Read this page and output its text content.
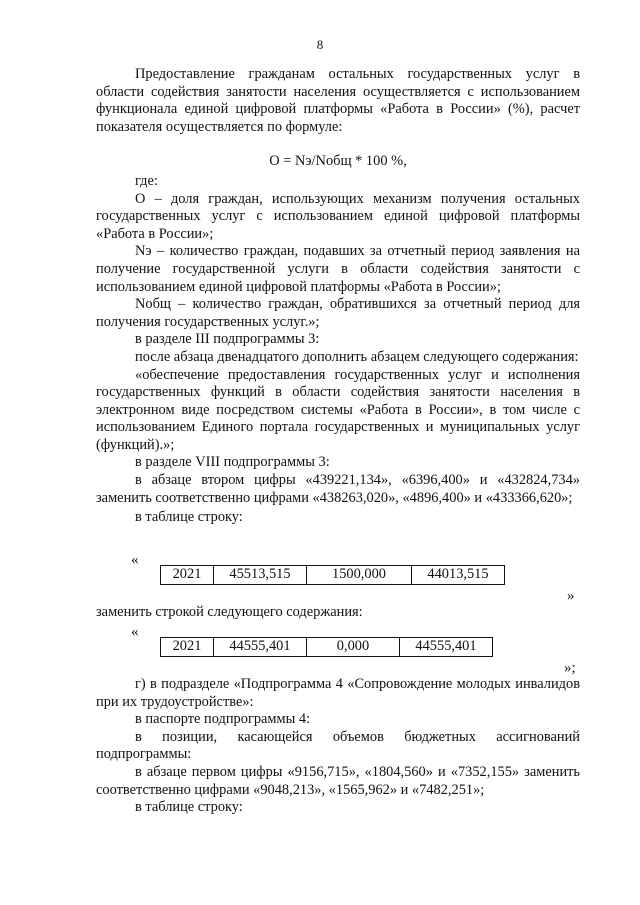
8

Предоставление гражданам остальных государственных услуг в области содействия занятости населения осуществляется с использованием функционала единой цифровой платформы «Работа в России» (%), расчет показателя осуществляется по формуле:

O = Nэ/Nобщ * 100 %,

где:

O – доля граждан, использующих механизм получения остальных государственных услуг с использованием единой цифровой платформы «Работа в России»;

Nэ – количество граждан, подавших за отчетный период заявления на получение государственной услуги в области содействия занятости с использованием единой цифровой платформы «Работа в России»;

Nобщ – количество граждан, обратившихся за отчетный период для получения государственных услуг.»;

в разделе III подпрограммы 3:

после абзаца двенадцатого дополнить абзацем следующего содержания:

«обеспечение предоставления государственных услуг и исполнения государственных функций в области содействия занятости населения в электронном виде посредством системы «Работа в России», в том числе с использованием Единого портала государственных и муниципальных услуг (функций).»;

в разделе VIII подпрограммы 3:

в абзаце втором цифры «439221,134», «6396,400» и «432824,734» заменить соответственно цифрами «438263,020», «4896,400» и «433366,620»;

в таблице строку:

«
2021	45513,515	1500,000	44013,515
»

заменить строкой следующего содержания:

«
2021	44555,401	0,000	44555,401
»;

г) в подразделе «Подпрограмма 4 «Сопровождение молодых инвалидов при их трудоустройстве»:

в паспорте подпрограммы 4:

в позиции, касающейся объемов бюджетных ассигнований подпрограммы:

в абзаце первом цифры «9156,715», «1804,560» и «7352,155» заменить соответственно цифрами «9048,213», «1565,962» и «7482,251»;

в таблице строку:
